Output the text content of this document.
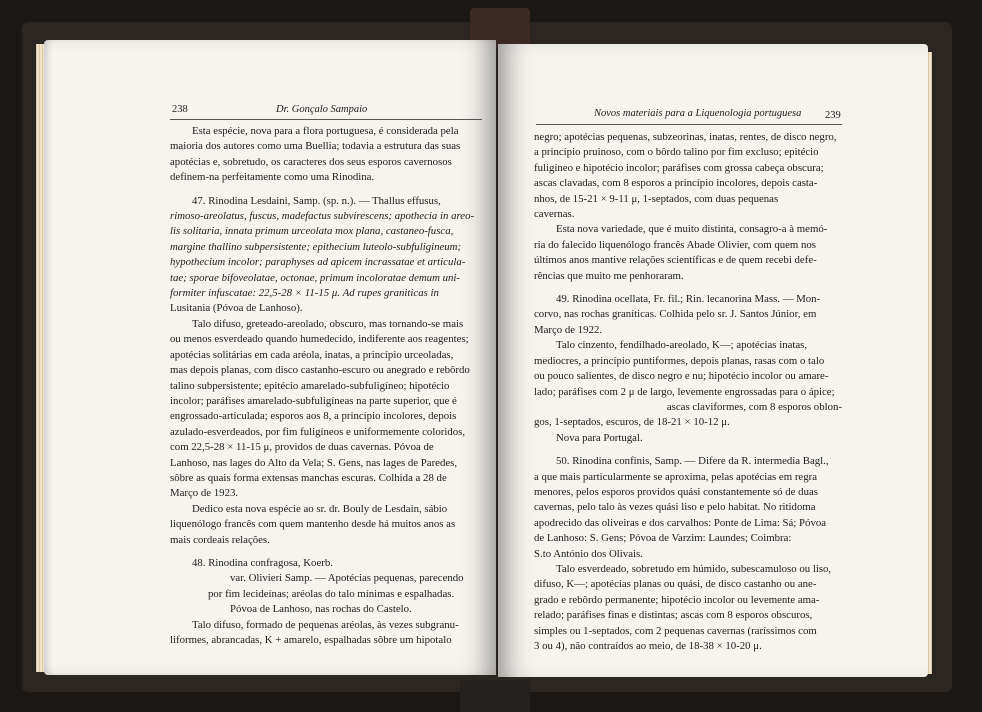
238	Dr. Gonçalo Sampaio

Esta espécie, nova para a flora portuguesa, é considerada pela

maioria dos autores como uma Buellia; todavia a estrutura das suas

apotécias e, sobretudo, os caracteres dos seus esporos cavernosos

definem-na perfeitamente como uma Rinodina.

47. Rinodina Lesdaini, Samp. (sp. n.). — Thallus effusus,

rimoso-areolatus, fuscus, madefactus subvirescens; apothecia in areo-

lis solitaria, innata primum urceolata mox plana, castaneo-fusca,

margine thallino subpersistente; epithecium luteolo-subfuligineum;

hypothecium incolor; paraphyses ad apicem incrassatae et articula-

tae; sporae bifoveolatae, octonae, primum incoloratae demum uni-

formiter infuscatae: 22,5-28 × 11-15 μ. Ad rupes graniticas in

Lusitania (Póvoa de Lanhoso).

Talo difuso, greteado-areolado, obscuro, mas tornando-se mais

ou menos esverdeado quando humedecido, indiferente aos reagentes;

apotécias solitárias em cada aréola, inatas, a princípio urceoladas,

mas depois planas, com disco castanho-escuro ou anegrado e rebôrdo

talino subpersistente; epitécio amarelado-subfuligíneo; hipotécio

incolor; paráfises amarelado-subfuligíneas na parte superior, que é

engrossado-articulada; esporos aos 8, a princípio incolores, depois

azulado-esverdeados, por fim fuligíneos e uniformemente coloridos,

com 22,5-28 × 11-15 μ, providos de duas cavernas. Póvoa de

Lanhoso, nas lages do Alto da Vela; S. Gens, nas lages de Paredes,

sôbre as quais forma extensas manchas escuras. Colhida a 28 de

Março de 1923.

Dedico esta nova espécie ao sr. dr. Bouly de Lesdain, sábio

liquenólogo francês com quem mantenho desde há muitos anos as

mais cordeais relações.

48. Rinodina confragosa, Koerb.

var. Olivieri Samp. — Apotécias pequenas, parecendo

por fim lecideínas; aréolas do talo mínimas e espalhadas.

Póvoa de Lanhoso, nas rochas do Castelo.

Talo difuso, formado de pequenas aréolas, às vezes subgranu-

liformes, abrancadas, K + amarelo, espalhadas sôbre um hipotalo

Novos materiais para a Liquenologia portuguesa 239

negro; apotécias pequenas, subzeorinas, inatas, rentes, de disco negro,

a princípio pruinoso, com o bôrdo talino por fim excluso; epitécio

fuligíneo e hipotécio incolor; paráfises com grossa cabeça obscura;

ascas clavadas, com 8 esporos a princípio incolores, depois casta-

nhos, de 15-21 × 9-11 μ, 1-septados, com duas pequenas

cavernas.

Esta nova variedade, que é muito distinta, consagro-a à memó-

ria do falecido liquenólogo francês Abade Olivier, com quem nos

últimos anos mantive relações scientíficas e de quem recebi defe-

rências que muito me penhoraram.

49. Rinodina ocellata, Fr. fil.; Rin. lecanorina Mass. — Mon-

corvo, nas rochas graníticas. Colhida pelo sr. J. Santos Júnior, em

Março de 1922.

Talo cinzento, fendilhado-areolado, K—; apotécias inatas,

mediocres, a princípio puntiformes, depois planas, rasas com o talo

ou pouco salientes, de disco negro e nu; hipotécio incolor ou amare-

lado; paráfises com 2 μ de largo, levemente engrossadas para o ápice;

ascas claviformes, com 8 esporos oblon-

gos, 1-septados, escuros, de 18-21 × 10-12 μ.

Nova para Portugal.

50. Rinodina confinis, Samp. — Difere da R. intermedia Bagl.,

a que mais particularmente se aproxima, pelas apotécias em regra

menores, pelos esporos providos quási constantemente só de duas

cavernas, pelo talo às vezes quási liso e pelo habitat. No ritidoma

apodrecido das oliveiras e dos carvalhos: Ponte de Lima: Sá; Póvoa

de Lanhoso: S. Gens; Póvoa de Varzim: Laundes; Coimbra:

S.to António dos Olivais.

Talo esverdeado, sobretudo em húmido, subescamuloso ou liso,

difuso, K—; apotécias planas ou quási, de disco castanho ou ane-

grado e rebôrdo permanente; hipotécio incolor ou levemente ama-

relado; paráfises finas e distintas; ascas com 8 esporos obscuros,

simples ou 1-septados, com 2 pequenas cavernas (raríssimos com

3 ou 4), não contraídos ao meio, de 18-38 × 10-20 μ.
